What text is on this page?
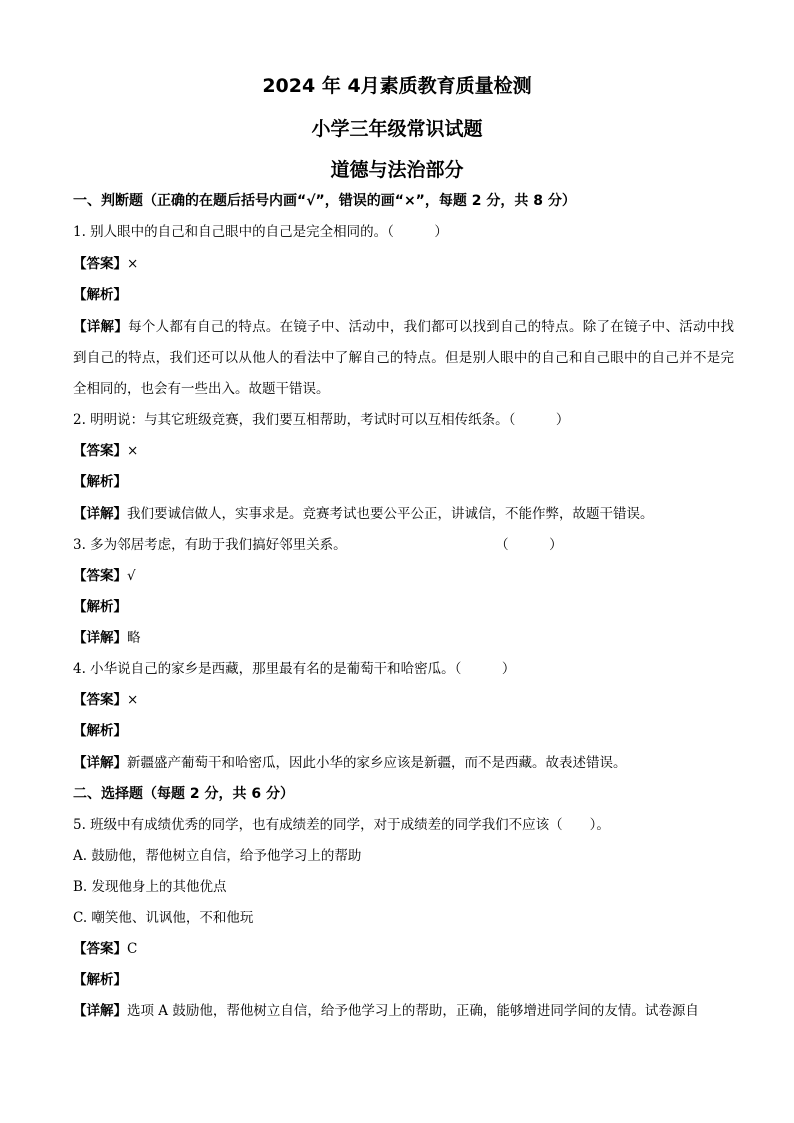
2024 年 4月素质教育质量检测
小学三年级常识试题
道德与法治部分
一、判断题（正确的在题后括号内画“√”，错误的画“×”，每题 2 分，共 8 分）
1. 别人眼中的自己和自己眼中的自己是完全相同的。（　　　）
【答案】×
【解析】
【详解】每个人都有自己的特点。在镜子中、活动中，我们都可以找到自己的特点。除了在镜子中、活动中找到自己的特点，我们还可以从他人的看法中了解自己的特点。但是别人眼中的自己和自己眼中的自己并不是完全相同的，也会有一些出入。故题干错误。
2. 明明说：与其它班级竞赛，我们要互相帮助，考试时可以互相传纸条。（　　　）
【答案】×
【解析】
【详解】我们要诚信做人，实事求是。竞赛考试也要公平公正，讲诚信，不能作弊，故题干错误。
3. 多为邻居考虑，有助于我们搞好邻里关系。　　　　　　　　　　　　（　　　）
【答案】√
【解析】
【详解】略
4. 小华说自己的家乡是西藏，那里最有名的是葡萄干和哈密瓜。（　　　）
【答案】×
【解析】
【详解】新疆盛产葡萄干和哈密瓜，因此小华的家乡应该是新疆，而不是西藏。故表述错误。
二、选择题（每题 2 分，共 6 分）
5. 班级中有成绩优秀的同学，也有成绩差的同学，对于成绩差的同学我们不应该（　　）。
A. 鼓励他，帮他树立自信，给予他学习上的帮助
B. 发现他身上的其他优点
C. 嘲笑他、讥讽他，不和他玩
【答案】C
【解析】
【详解】选项 A 鼓励他，帮他树立自信，给予他学习上的帮助，正确，能够增进同学间的友情。试卷源自
